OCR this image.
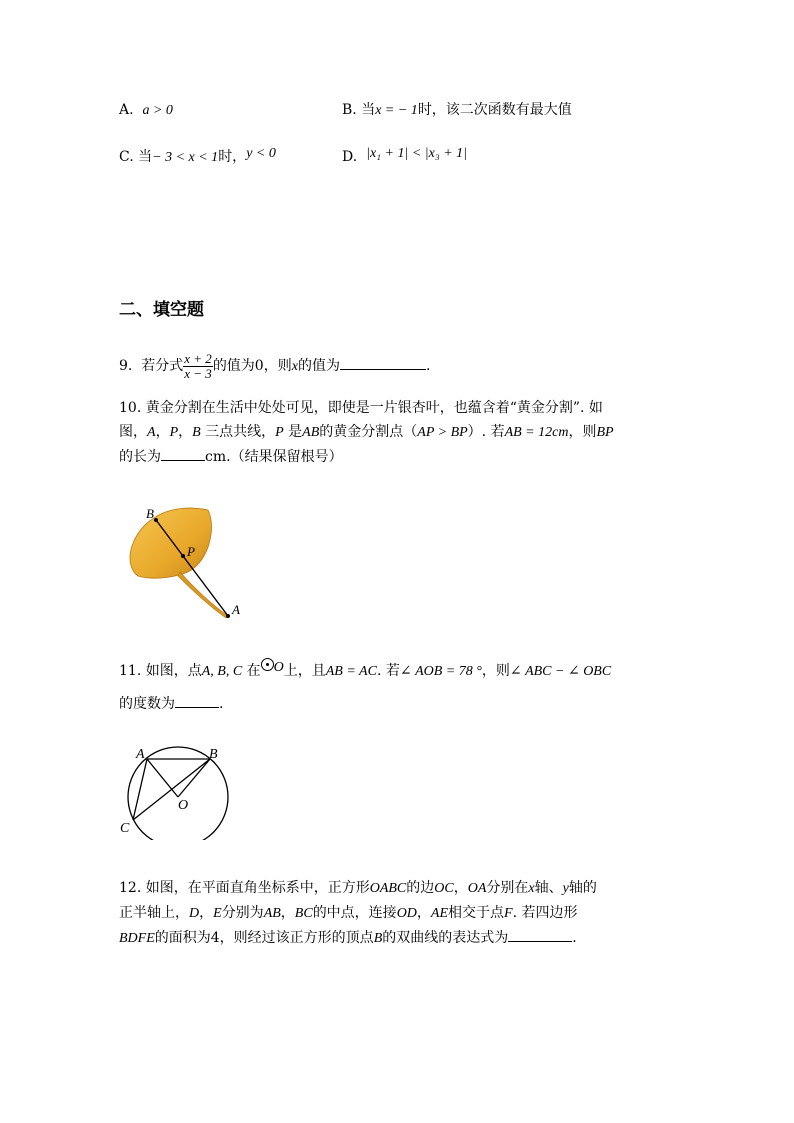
A. a > 0	B. 当x = − 1时，该二次函数有最大值
C. 当− 3 < x < 1时，y < 0	D. |x₁ + 1| < |x₃ + 1|
二、填空题
9. 若分式 $\frac{x + 2}{x - 3}$ 的值为0，则x的值为	.
10. 黄金分割在生活中处处可见，即使是一片银杏叶，也蕴含着“黄金分割”. 如
图，A，P，B 三点共线，P 是AB的黄金分割点（AP > BP）. 若AB = 12cm，则BP
的长为	cm.（结果保留根号）
B
P
A
11. 如图，点A, B, C 在 O上，且AB = AC. 若∠ AOB = 78 °，则∠ ABC − ∠ OBC
的度数为	.
A	B
O
C
12. 如图，在平面直角坐标系中，正方形OABC的边OC，OA分别在x轴、y轴的
正半轴上，D，E分别为AB，BC的中点，连接OD，AE相交于点F. 若四边形
BDFE的面积为4，则经过该正方形的顶点B的双曲线的表达式为	.
